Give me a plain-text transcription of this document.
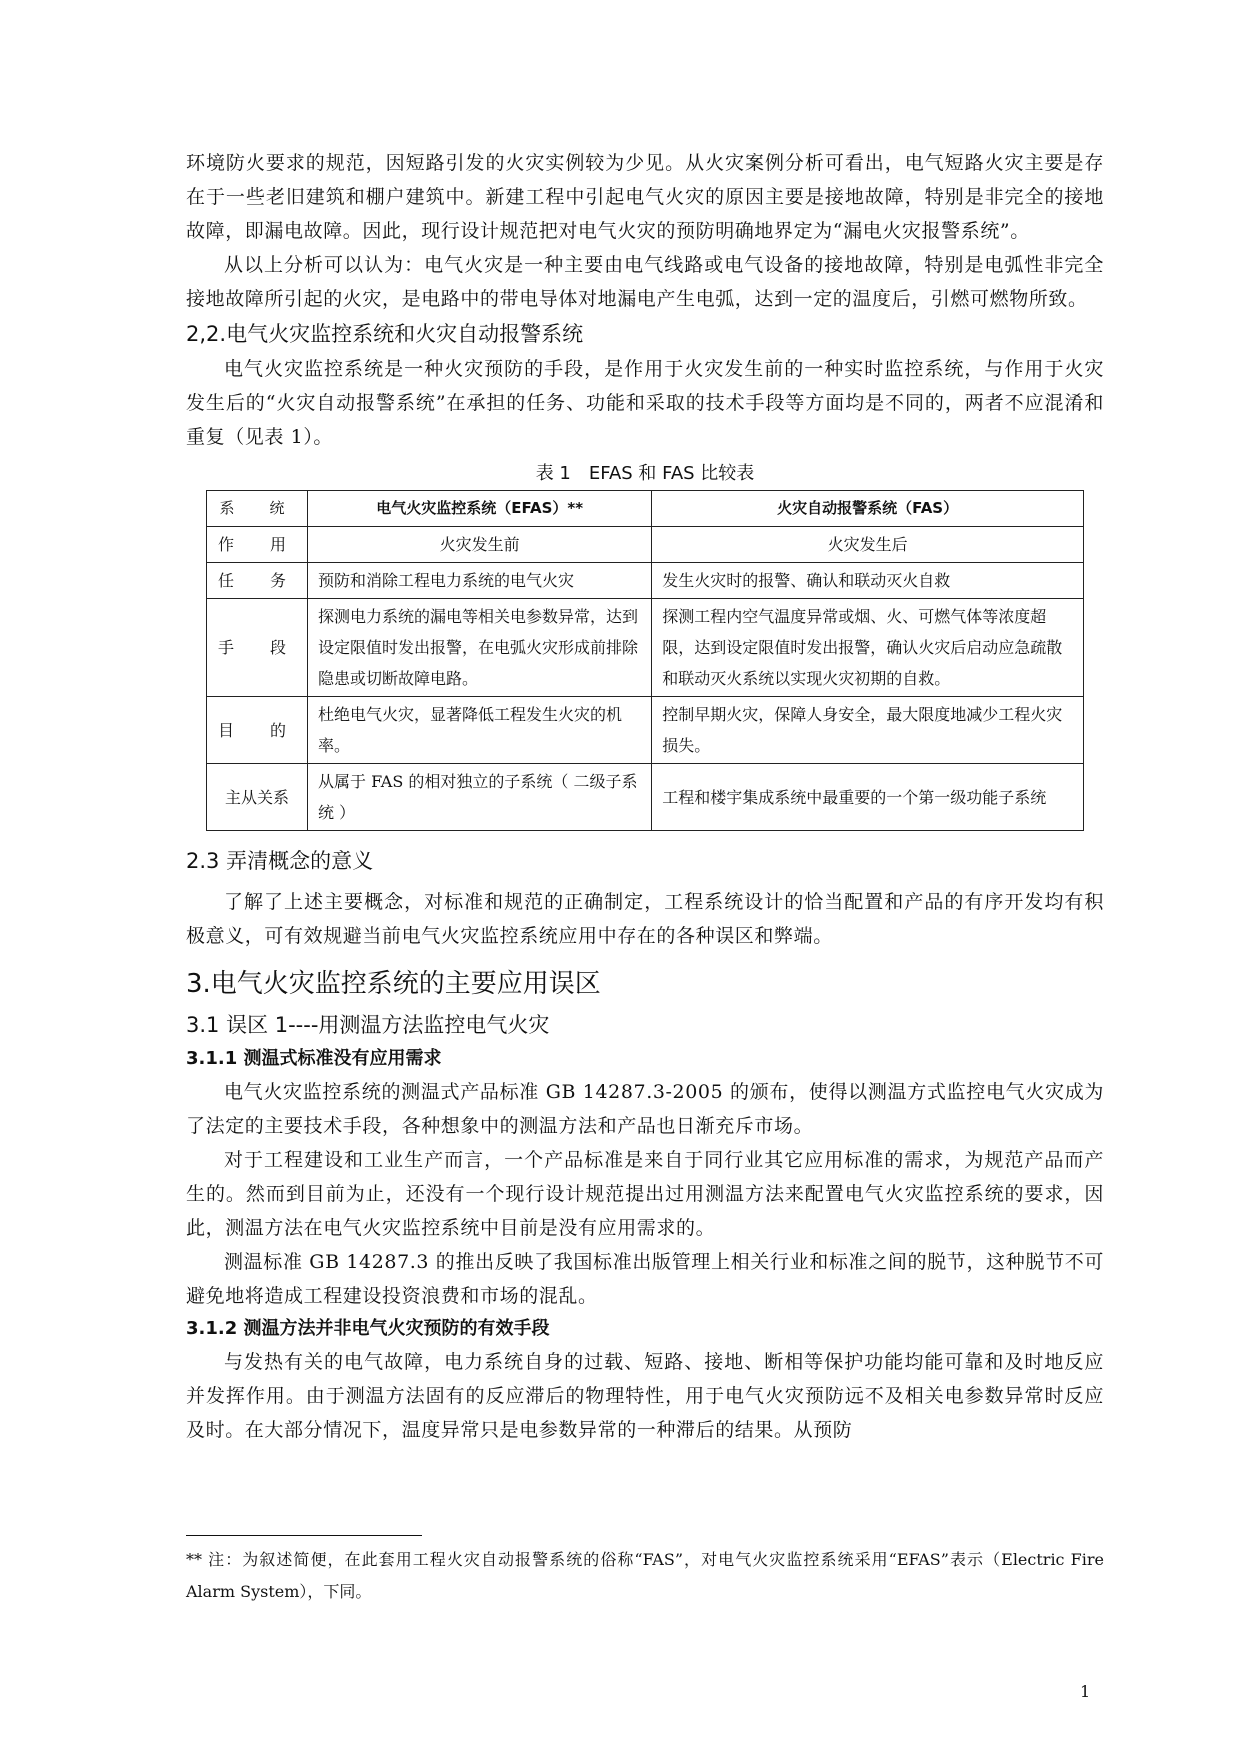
环境防火要求的规范，因短路引发的火灾实例较为少见。从火灾案例分析可看出，电气短路火灾主要是存在于一些老旧建筑和棚户建筑中。新建工程中引起电气火灾的原因主要是接地故障，特别是非完全的接地故障，即漏电故障。因此，现行设计规范把对电气火灾的预防明确地界定为“漏电火灾报警系统”。

从以上分析可以认为：电气火灾是一种主要由电气线路或电气设备的接地故障，特别是电弧性非完全接地故障所引起的火灾，是电路中的带电导体对地漏电产生电弧，达到一定的温度后，引燃可燃物所致。

2,2.电气火灾监控系统和火灾自动报警系统

电气火灾监控系统是一种火灾预防的手段，是作用于火灾发生前的一种实时监控系统，与作用于火灾发生后的“火灾自动报警系统”在承担的任务、功能和采取的技术手段等方面均是不同的，两者不应混淆和重复（见表 1）。

表 1　EFAS 和 FAS 比较表
系　统	电气火灾监控系统（EFAS）**	火灾自动报警系统（FAS）
作　用	火灾发生前	火灾发生后
任　务	预防和消除工程电力系统的电气火灾	发生火灾时的报警、确认和联动灭火自救
手　段	探测电力系统的漏电等相关电参数异常，达到设定限值时发出报警，在电弧火灾形成前排除隐患或切断故障电路。	探测工程内空气温度异常或烟、火、可燃气体等浓度超限，达到设定限值时发出报警，确认火灾后启动应急疏散和联动灭火系统以实现火灾初期的自救。
目　的	杜绝电气火灾，显著降低工程发生火灾的机率。	控制早期火灾，保障人身安全，最大限度地减少工程火灾损失。
主从关系	从属于 FAS 的相对独立的子系统（ 二级子系统 ）	工程和楼宇集成系统中最重要的一个第一级功能子系统
2.3 弄清概念的意义

了解了上述主要概念，对标准和规范的正确制定，工程系统设计的恰当配置和产品的有序开发均有积极意义，可有效规避当前电气火灾监控系统应用中存在的各种误区和弊端。

3.电气火灾监控系统的主要应用误区
3.1 误区 1----用测温方法监控电气火灾
3.1.1 测温式标准没有应用需求

电气火灾监控系统的测温式产品标准 GB 14287.3-2005 的颁布，使得以测温方式监控电气火灾成为了法定的主要技术手段，各种想象中的测温方法和产品也日渐充斥市场。

对于工程建设和工业生产而言，一个产品标准是来自于同行业其它应用标准的需求，为规范产品而产生的。然而到目前为止，还没有一个现行设计规范提出过用测温方法来配置电气火灾监控系统的要求，因此，测温方法在电气火灾监控系统中目前是没有应用需求的。

测温标准 GB 14287.3 的推出反映了我国标准出版管理上相关行业和标准之间的脱节，这种脱节不可避免地将造成工程建设投资浪费和市场的混乱。

3.1.2 测温方法并非电气火灾预防的有效手段

与发热有关的电气故障，电力系统自身的过载、短路、接地、断相等保护功能均能可靠和及时地反应并发挥作用。由于测温方法固有的反应滞后的物理特性，用于电气火灾预防远不及相关电参数异常时反应及时。在大部分情况下，温度异常只是电参数异常的一种滞后的结果。从预防

** 注：为叙述简便，在此套用工程火灾自动报警系统的俗称“FAS”，对电气火灾监控系统采用“EFAS”表示（Electric Fire Alarm System），下同。
1
